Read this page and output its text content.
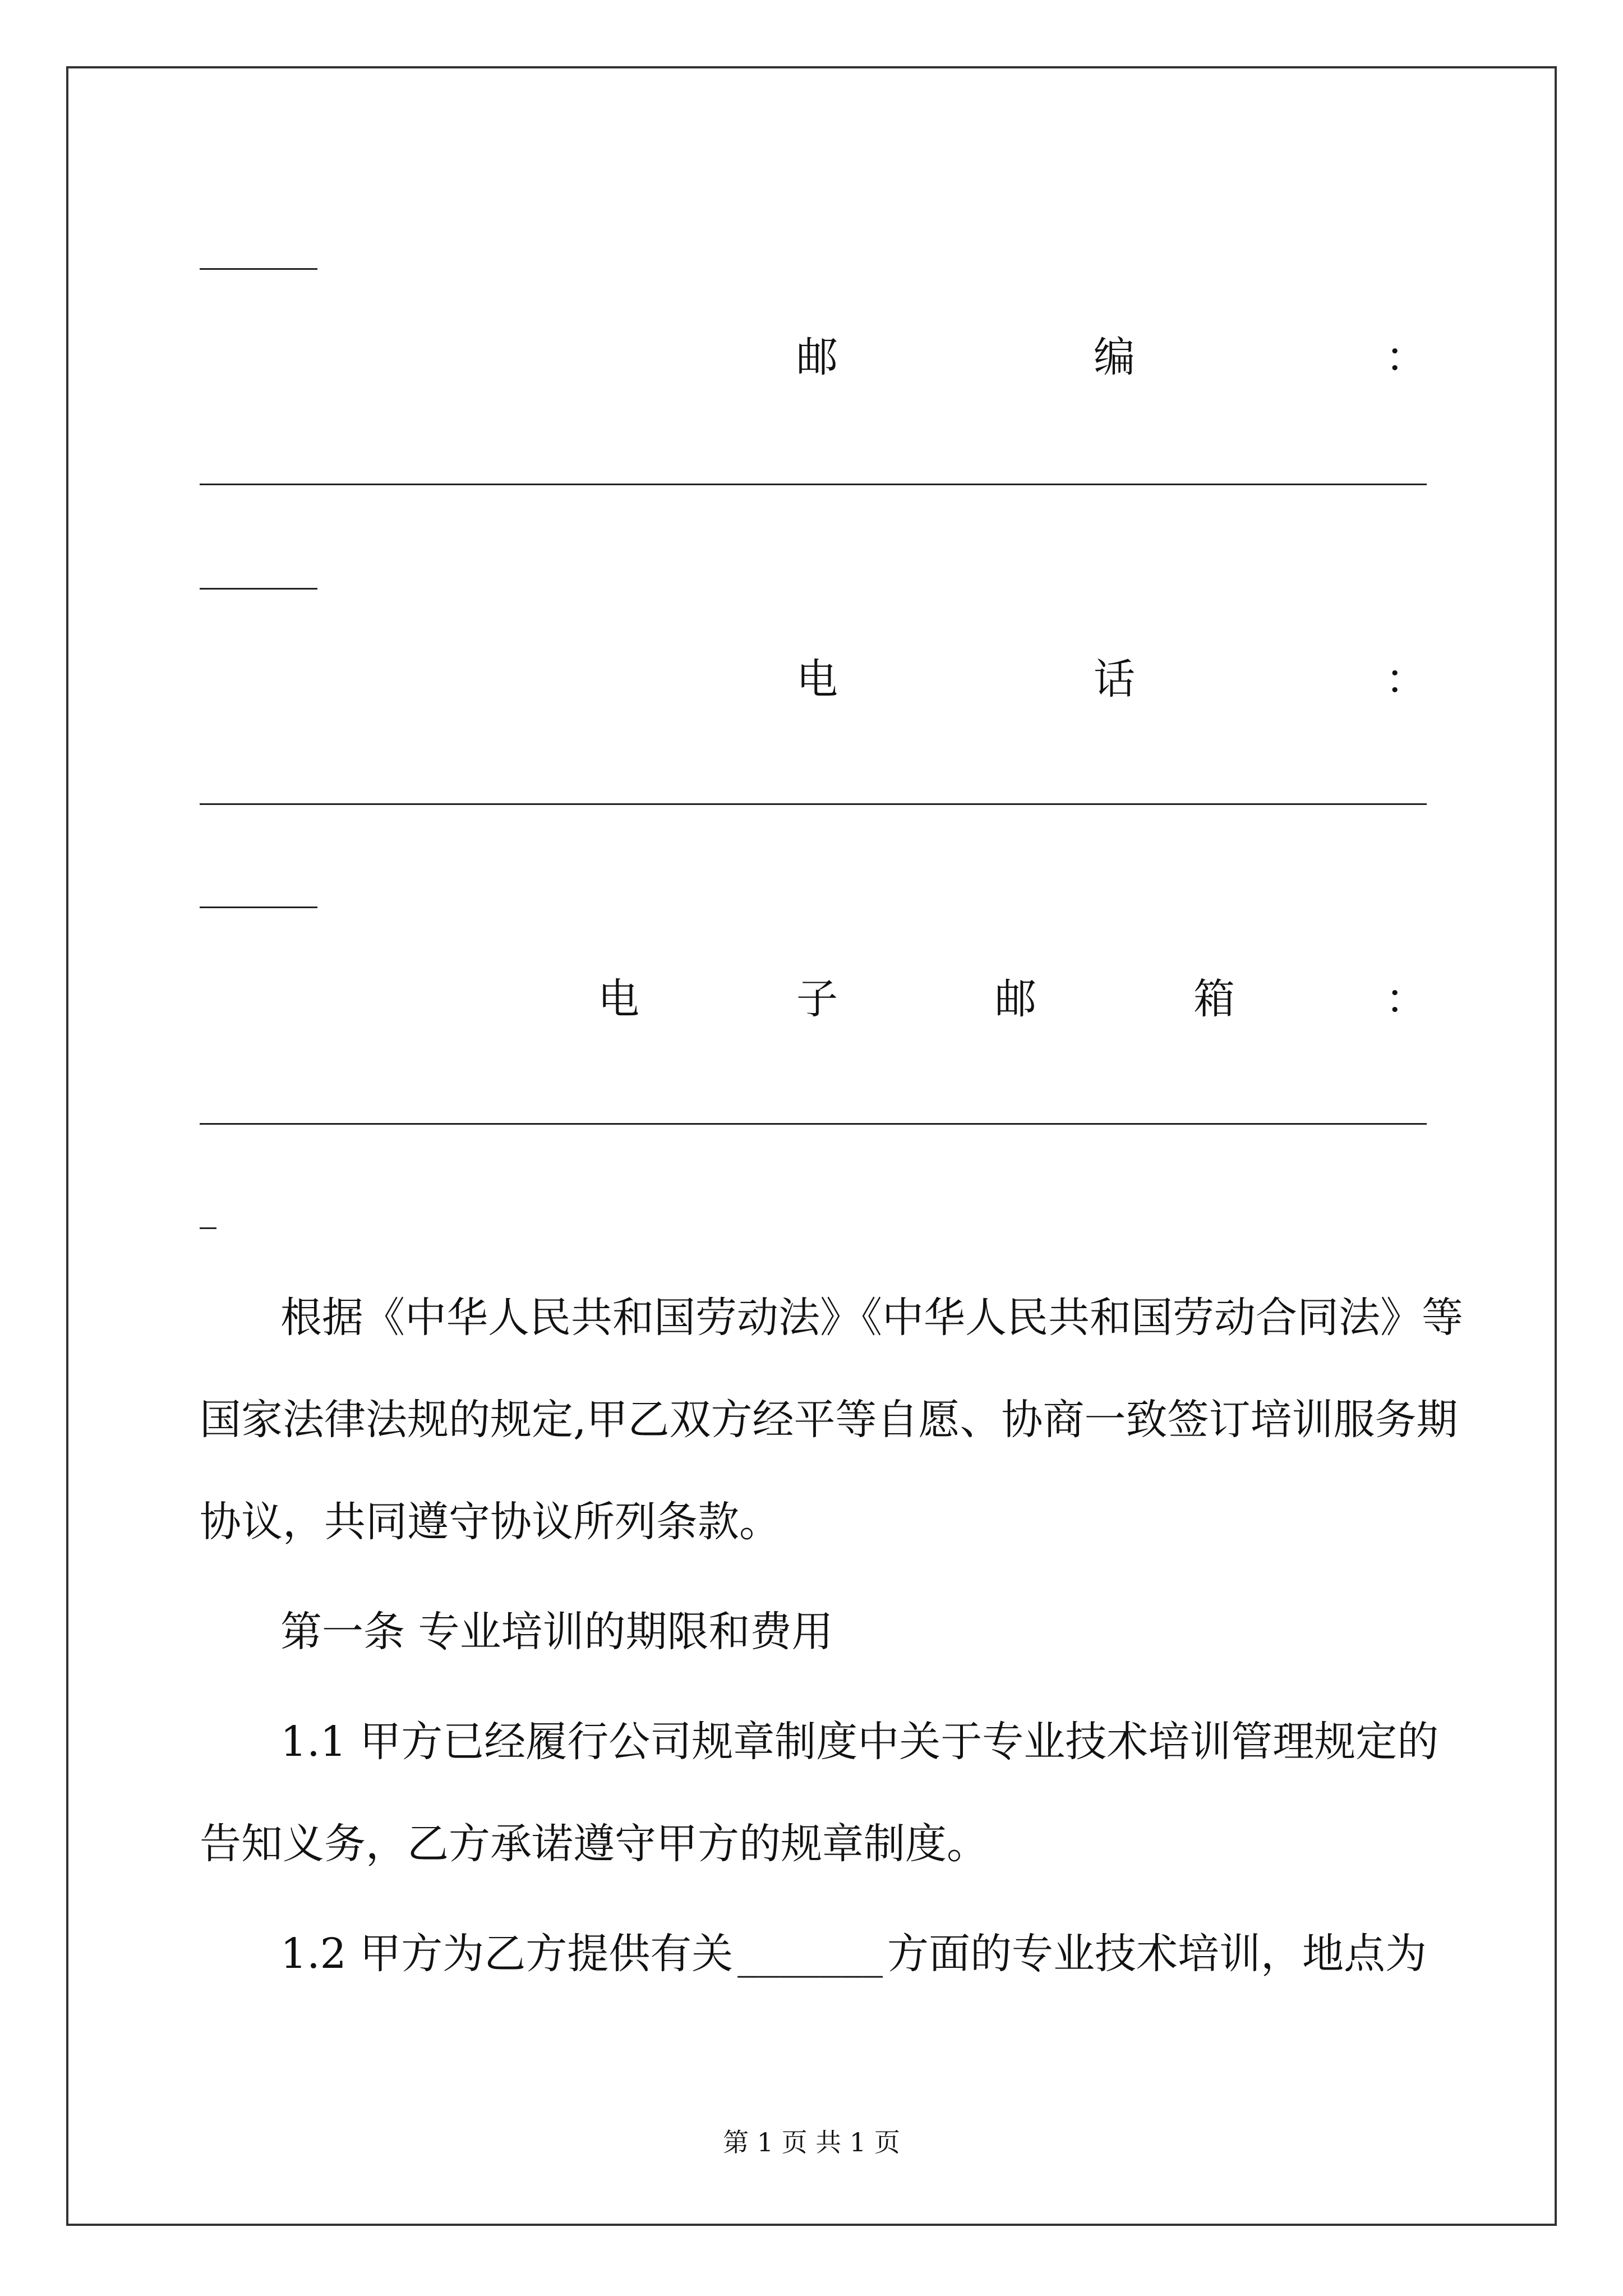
邮	编	：
电	话	：
电	子	邮	箱	：
根据《中华人民共和国劳动法》《中华人民共和国劳动合同法》等
国家法律法规的规定,甲乙双方经平等自愿、协商一致签订培训服务期
协议，共同遵守协议所列条款。
第一条 专业培训的期限和费用
1.1 甲方已经履行公司规章制度中关于专业技术培训管理规定的
告知义务，乙方承诺遵守甲方的规章制度。
1.2 甲方为乙方提供有关 _______ 方面的专业技术培训，地点为
第 1 页 共 1 页
